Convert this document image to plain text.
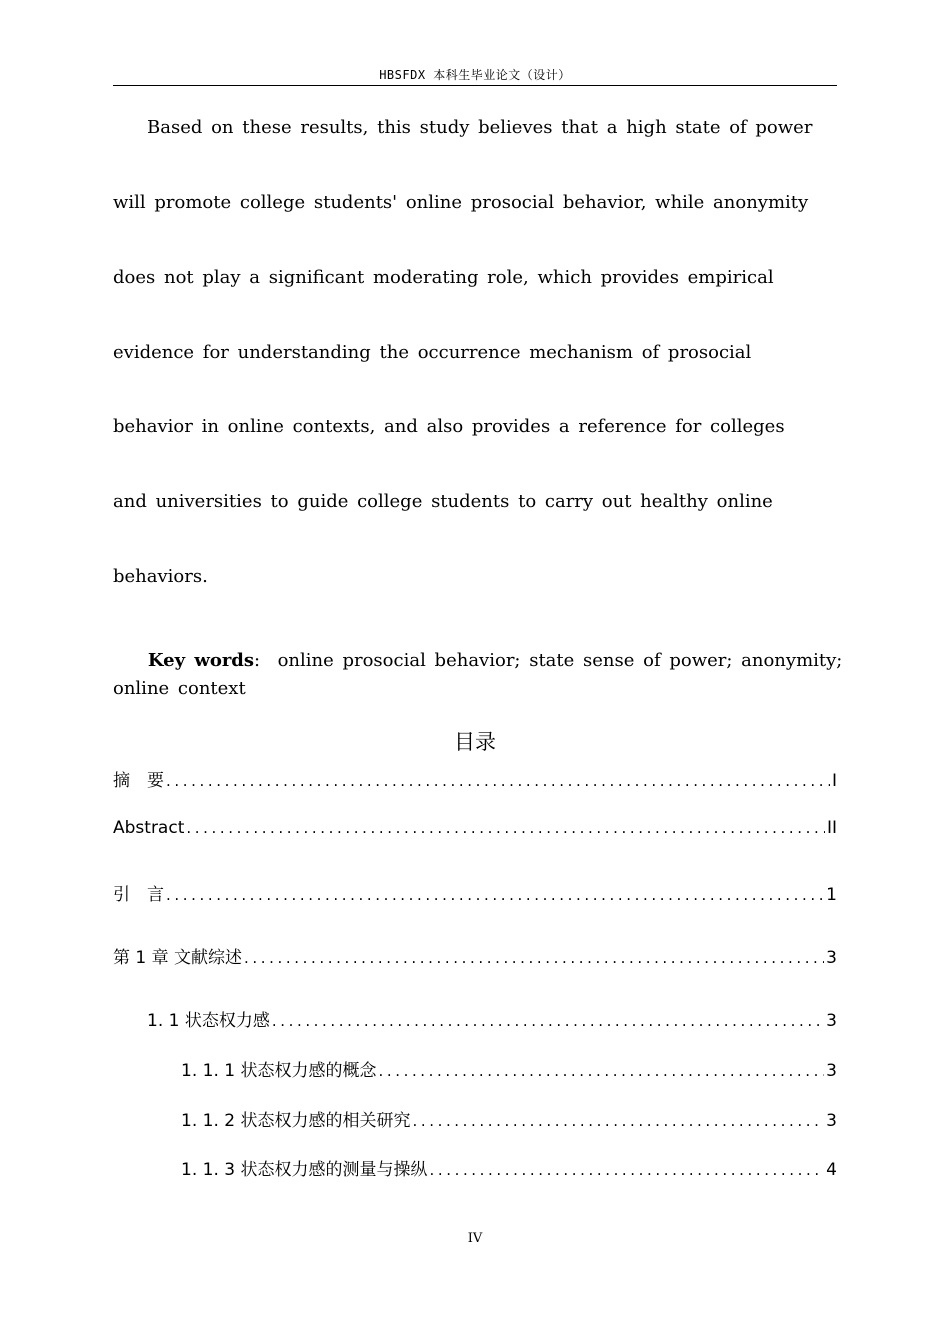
HBSFDX 本科生毕业论文（设计）
Based on these results, this study believes that a high state of power
will promote college students' online prosocial behavior, while anonymity
does not play a significant moderating role, which provides empirical
evidence for understanding the occurrence mechanism of prosocial
behavior in online contexts, and also provides a reference for colleges
and universities to guide college students to carry out healthy online
behaviors.

Key words: online prosocial behavior; state sense of power; anonymity;

online context
目录
摘　要 .....	I
Abstract .....	II
引　言 .....	1
第 1 章 文献综述 .....	3
1. 1 状态权力感 .....	3
1. 1. 1 状态权力感的概念 .....	3
1. 1. 2 状态权力感的相关研究 .....	3
1. 1. 3 状态权力感的测量与操纵 .....	4
IV
